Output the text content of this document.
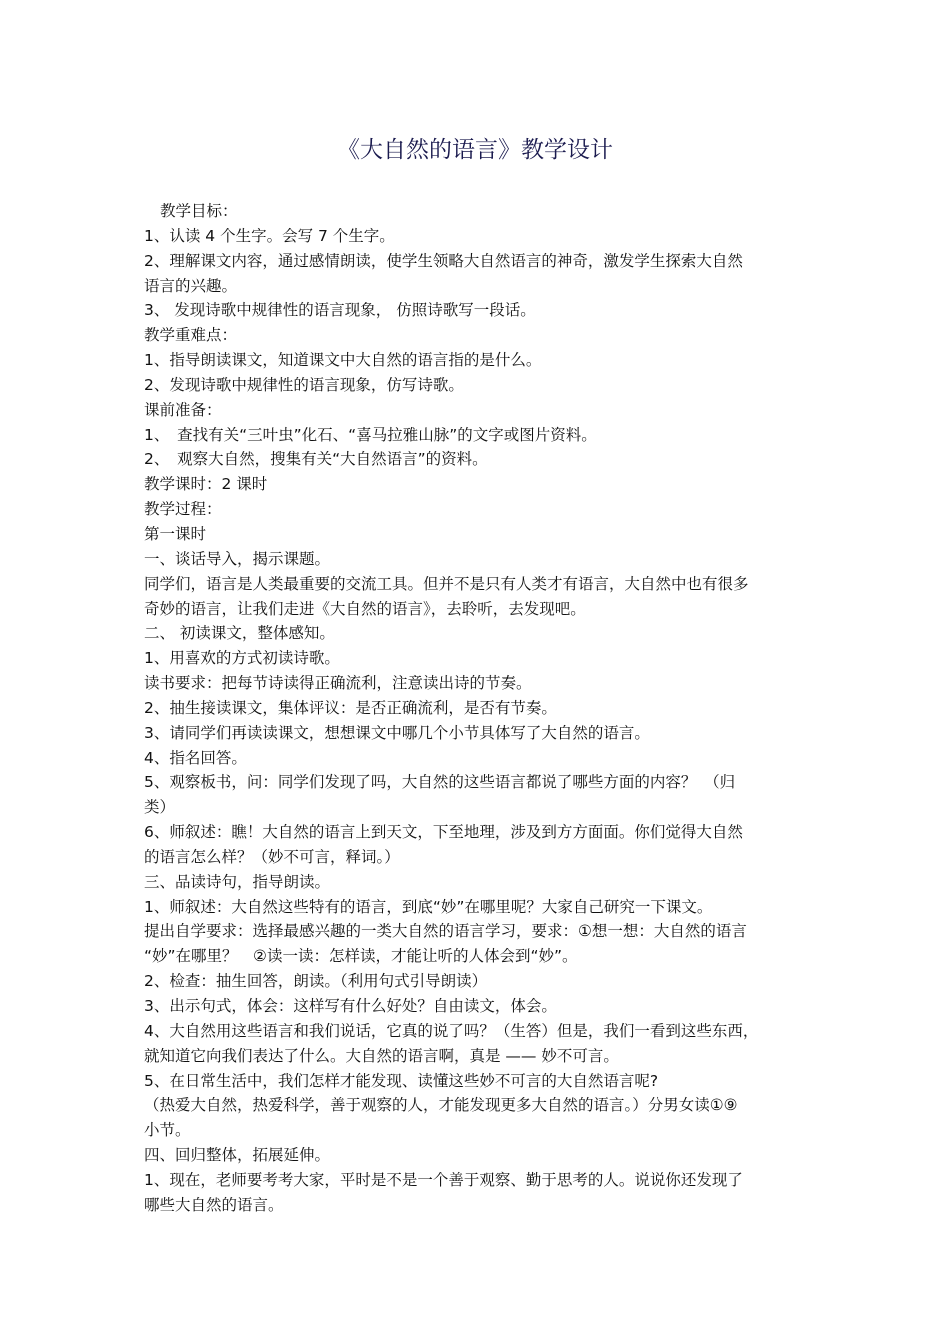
《大自然的语言》教学设计
教学目标：
1、认读 4 个生字。会写 7 个生字。
2、理解课文内容，通过感情朗读，使学生领略大自然语言的神奇，激发学生探索大自然
语言的兴趣。
3、 发现诗歌中规律性的语言现象， 仿照诗歌写一段话。
教学重难点：
1、指导朗读课文，知道课文中大自然的语言指的是什么。
2、发现诗歌中规律性的语言现象，仿写诗歌。
课前准备：
1、　查找有关“三叶虫”化石、“喜马拉雅山脉”的文字或图片资料。
2、　观察大自然，搜集有关“大自然语言”的资料。
教学课时：2 课时
教学过程：
第一课时
一、谈话导入，揭示课题。
同学们，语言是人类最重要的交流工具。但并不是只有人类才有语言，大自然中也有很多
奇妙的语言，让我们走进《大自然的语言》，去聆听，去发现吧。
二、 初读课文，整体感知。
1、用喜欢的方式初读诗歌。
读书要求：把每节诗读得正确流利，注意读出诗的节奏。
2、抽生接读课文，集体评议：是否正确流利，是否有节奏。
3、请同学们再读读课文，想想课文中哪几个小节具体写了大自然的语言。
4、指名回答。
5、观察板书，问：同学们发现了吗，大自然的这些语言都说了哪些方面的内容？　（归
类）
6、师叙述：瞧！大自然的语言上到天文，下至地理，涉及到方方面面。你们觉得大自然
的语言怎么样？（妙不可言，释词。）
三、品读诗句，指导朗读。
1、师叙述：大自然这些特有的语言，到底“妙”在哪里呢？大家自己研究一下课文。
提出自学要求：选择最感兴趣的一类大自然的语言学习，要求：①想一想：大自然的语言
“妙”在哪里？　②读一读：怎样读，才能让听的人体会到“妙”。
2、检查：抽生回答，朗读。（利用句式引导朗读）
3、出示句式，体会：这样写有什么好处？自由读文，体会。
4、大自然用这些语言和我们说话，它真的说了吗？（生答）但是，我们一看到这些东西，
就知道它向我们表达了什么。大自然的语言啊，真是 —— 妙不可言。
5、在日常生活中，我们怎样才能发现、读懂这些妙不可言的大自然语言呢?
（热爱大自然，热爱科学，善于观察的人，才能发现更多大自然的语言。）分男女读①⑨
小节。
四、回归整体，拓展延伸。
1、现在，老师要考考大家，平时是不是一个善于观察、勤于思考的人。说说你还发现了
哪些大自然的语言。
